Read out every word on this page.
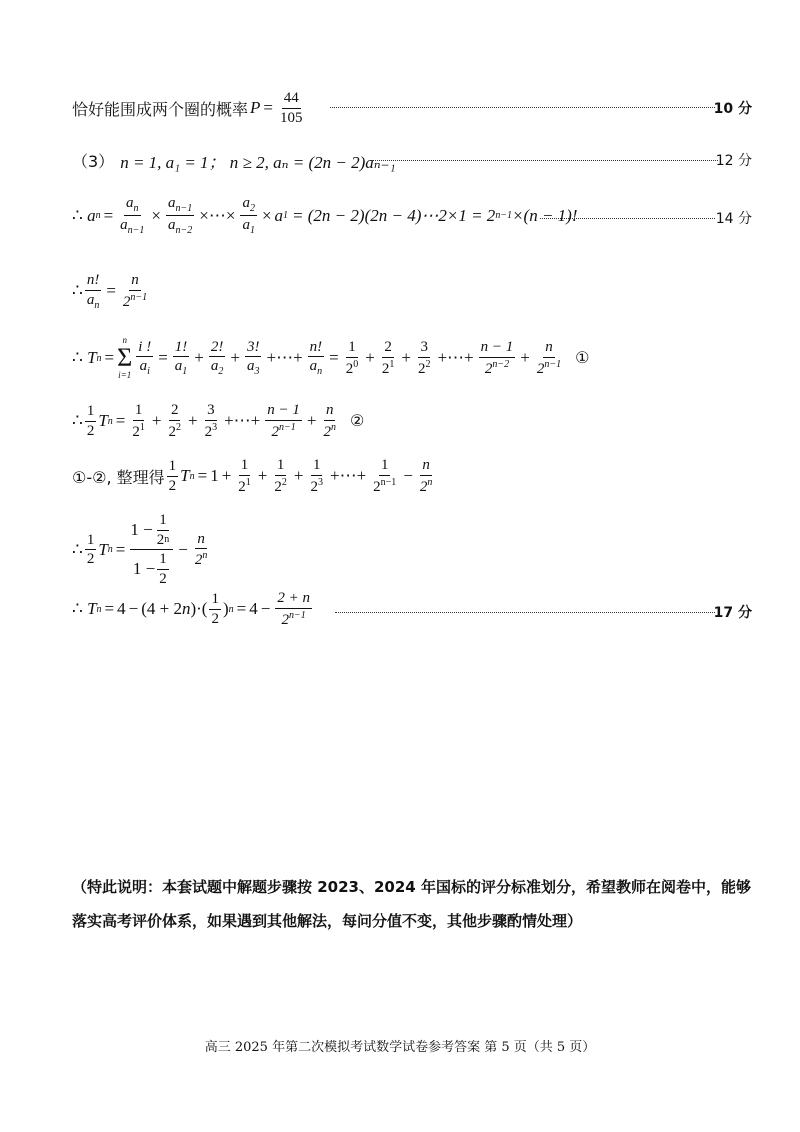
恰好能围成两个圈的概率 $P = \frac{44}{105}$	10 分
（3） n = 1, a₁ = 1； n ≥ 2, aₙ = (2n − 2)aₙ₋₁	12 分
∴ a $n = \frac{a_n}{a_{n-1}} \times \frac{a_{n-1}}{a_{n-2}}$ ×⋯× $\frac{a_2}{a_1} \times a$ 1 = (2n − 2)(2n − 4)⋯2×1 = 2 n−1 ×(n − 1)!	14 分
∴ $\frac{n!}{a_n} = \frac{n}{2^{n-1}}$
∴ T n =
n
Σ
$i=1 \frac{i !}{a_i} = \frac{1!}{a_1} + \frac{2!}{a_2} + \frac{3!}{a_3}$ +⋯+ $\frac{n!}{a_n} = \frac{1}{2^0} + \frac{2}{2^1} + \frac{3}{2^2}$ +⋯+ $\frac{n - 1}{2^{n-2}} + \frac{n}{2^{n-1}}$ ①
∴ $\frac{1}{2}$ T $n = \frac{1}{2^1} + \frac{2}{2^2} + \frac{3}{2^3}$ +⋯+ $\frac{n - 1}{2^{n-1}} + \frac{n}{2^n}$ ②
①-②, 整理得 $\frac{1}{2}$ T $n = 1 + \frac{1}{2^1} + \frac{1}{2^2} + \frac{1}{2^3}$ +⋯+ $\frac{1}{2^{n-1}} - \frac{n}{2^n}$
∴ $\frac{1}{2}$ T $n = \frac{1 - \frac{1}{2 n}}{1 - \frac{1}{2}} - \frac{n}{2^n}$
∴ T n = 4 − (4 + 2 n )·( $\frac{1}{2}$ ) $n = 4 - \frac{2 + n}{2^{n-1}}$	17 分
（特此说明：本套试题中解题步骤按 2023、2024 年国标的评分标准划分，希望教师在阅卷中，能够落实高考评价体系，如果遇到其他解法，每问分值不变，其他步骤酌情处理）
高三 2025 年第二次模拟考试数学试卷参考答案 第 5 页（共 5 页）
